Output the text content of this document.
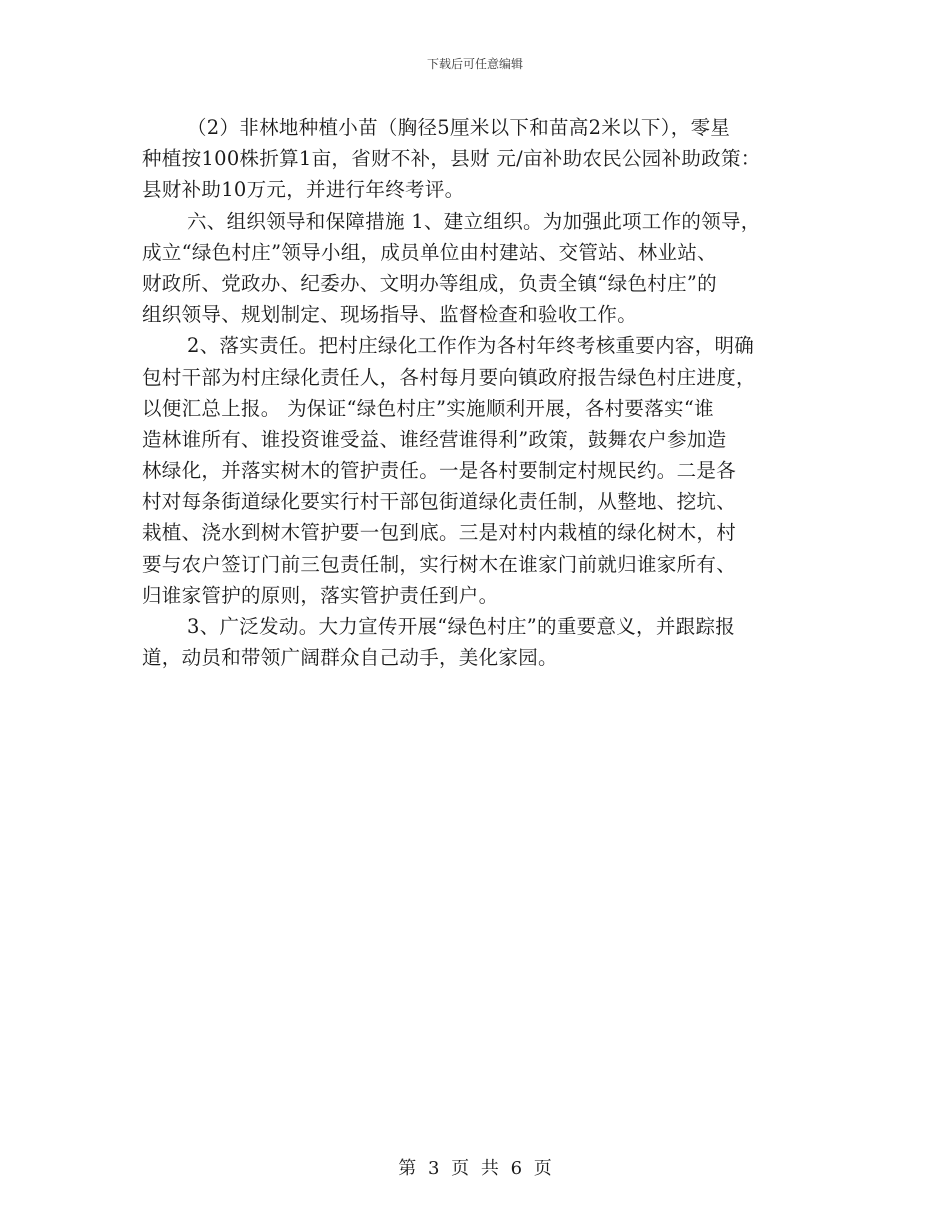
下载后可任意编辑
（2）非林地种植小苗（胸径5厘米以下和苗高2米以下），零星
种植按100株折算1亩，省财不补，县财 元/亩补助农民公园补助政策：
县财补助10万元，并进行年终考评。
六、组织领导和保障措施 1、建立组织。为加强此项工作的领导，
成立“绿色村庄”领导小组，成员单位由村建站、交管站、林业站、
财政所、党政办、纪委办、文明办等组成，负责全镇“绿色村庄”的
组织领导、规划制定、现场指导、监督检查和验收工作。
2、落实责任。把村庄绿化工作作为各村年终考核重要内容，明确
包村干部为村庄绿化责任人，各村每月要向镇政府报告绿色村庄进度，
以便汇总上报。 为保证“绿色村庄”实施顺利开展，各村要落实“谁
造林谁所有、谁投资谁受益、谁经营谁得利”政策，鼓舞农户参加造
林绿化，并落实树木的管护责任。一是各村要制定村规民约。二是各
村对每条街道绿化要实行村干部包街道绿化责任制，从整地、挖坑、
栽植、浇水到树木管护要一包到底。三是对村内栽植的绿化树木，村
要与农户签订门前三包责任制，实行树木在谁家门前就归谁家所有、
归谁家管护的原则，落实管护责任到户。
3、广泛发动。大力宣传开展“绿色村庄”的重要意义，并跟踪报
道，动员和带领广阔群众自己动手，美化家园。
第 3 页 共 6 页
